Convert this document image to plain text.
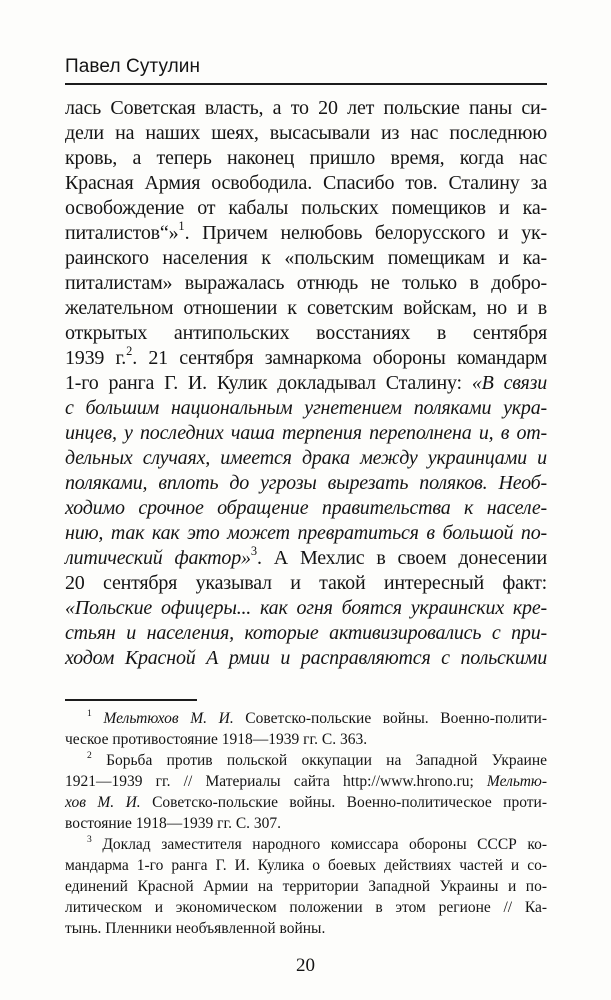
Павел Сутулин
лась Советская власть, а то 20 лет польские паны си-
дели на наших шеях, высасывали из нас последнюю
кровь, а теперь наконец пришло время, когда нас
Красная Армия освободила. Спасибо тов. Сталину за
освобождение от кабалы польских помещиков и ка-
питалистов“»$^1$. Причем нелюбовь белорусского и ук-
раинского населения к «польским помещикам и ка-
питалистам» выражалась отнюдь не только в добро-
желательном отношении к советским войскам, но и в
открытых антипольских восстаниях в сентября
1939 г.$^2$. 21 сентября замнаркома обороны командарм
1-го ранга Г. И. Кулик докладывал Сталину: «В связи
с большим национальным угнетением поляками укра-
инцев, у последних чаша терпения переполнена и, в от-
дельных случаях, имеется драка между украинцами и
поляками, вплоть до угрозы вырезать поляков. Необ-
ходимо срочное обращение правительства к населе-
нию, так как это может превратиться в большой по-
литический фактор»$^3$. А Мехлис в своем донесении
20 сентября указывал и такой интересный факт:
«Польские офицеры... как огня боятся украинских кре-
стьян и населения, которые активизировались с при-
ходом Красной А рмии и расправляются с польскими
$^1$ Мельтюхов М. И. Советско-польские войны. Военно-полити-
ческое противостояние 1918—1939 гг. С. 363.
$^2$ Борьба против польской оккупации на Западной Украине
1921—1939 гг. // Материалы сайта http://www.hrono.ru; Мельтю-
хов М. И. Советско-польские войны. Военно-политическое проти-
востояние 1918—1939 гг. С. 307.
$^3$ Доклад заместителя народного комиссара обороны СССР ко-
мандарма 1-го ранга Г. И. Кулика о боевых действиях частей и со-
единений Красной Армии на территории Западной Украины и по-
литическом и экономическом положении в этом регионе // Ка-
тынь. Пленники необъявленной войны.
20
